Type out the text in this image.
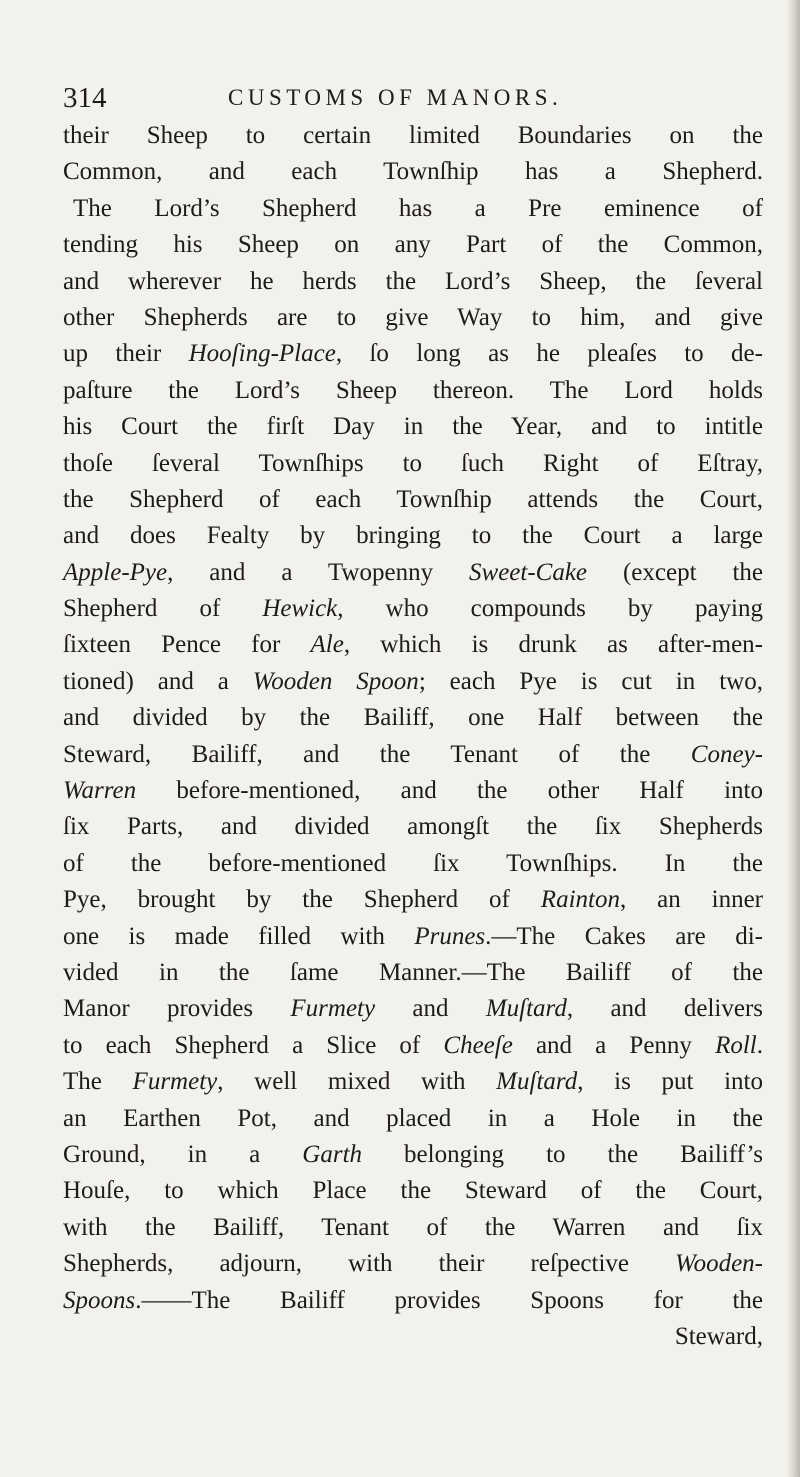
314	CUSTOMS OF MANORS.
their Sheep to certain limited Boundaries on the
Common, and each Townſhip has a Shepherd.
The Lord’s Shepherd has a Pre eminence of
tending his Sheep on any Part of the Common,
and wherever he herds the Lord’s Sheep, the ſeveral
other Shepherds are to give Way to him, and give
up their Hooſing-Place, ſo long as he pleaſes to de-
paſture the Lord’s Sheep thereon. The Lord holds
his Court the firſt Day in the Year, and to intitle
thoſe ſeveral Townſhips to ſuch Right of Eſtray,
the Shepherd of each Townſhip attends the Court,
and does Fealty by bringing to the Court a large
Apple-Pye, and a Twopenny Sweet-Cake (except the
Shepherd of Hewick, who compounds by paying
ſixteen Pence for Ale, which is drunk as after-men-
tioned) and a Wooden Spoon; each Pye is cut in two,
and divided by the Bailiff, one Half between the
Steward, Bailiff, and the Tenant of the Coney-
Warren before-mentioned, and the other Half into
ſix Parts, and divided amongſt the ſix Shepherds
of the before-mentioned ſix Townſhips. In the
Pye, brought by the Shepherd of Rainton, an inner
one is made filled with Prunes.—The Cakes are di-
vided in the ſame Manner.—The Bailiff of the
Manor provides Furmety and Muſtard, and delivers
to each Shepherd a Slice of Cheeſe and a Penny Roll.
The Furmety, well mixed with Muſtard, is put into
an Earthen Pot, and placed in a Hole in the
Ground, in a Garth belonging to the Bailiff’s
Houſe, to which Place the Steward of the Court,
with the Bailiff, Tenant of the Warren and ſix
Shepherds, adjourn, with their reſpective Wooden-
Spoons.——The Bailiff provides Spoons for the
Steward,
